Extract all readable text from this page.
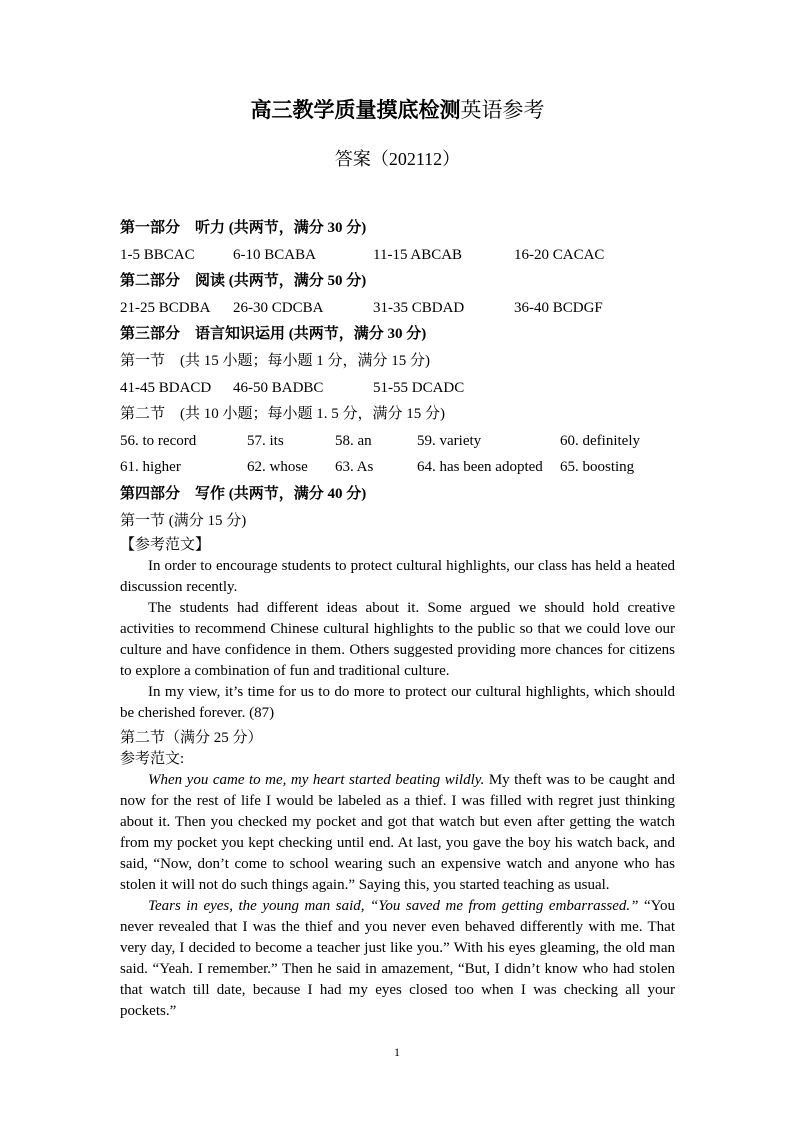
高三教学质量摸底检测英语参考
答案（202112）
第一部分　听力 (共两节，满分 30 分)
1-5 BBCAC	6-10 BCABA	11-15 ABCAB	16-20 CACAC
第二部分　阅读 (共两节，满分 50 分)
21-25 BCDBA	26-30 CDCBA	31-35 CBDAD	36-40 BCDGF
第三部分　语言知识运用 (共两节，满分 30 分)
第一节　(共 15 小题；每小题 1 分，满分 15 分)
41-45 BDACD	46-50 BADBC	51-55 DCADC
第二节　(共 10 小题；每小题 1. 5 分，满分 15 分)
56. to record	57. its	58. an	59. variety	60. definitely
61. higher	62. whose	63. As	64. has been adopted	65. boosting
第四部分　写作 (共两节，满分 40 分)
第一节 (满分 15 分)
【参考范文】

In order to encourage students to protect cultural highlights, our class has held a heated discussion recently.

The students had different ideas about it. Some argued we should hold creative activities to recommend Chinese cultural highlights to the public so that we could love our culture and have confidence in them. Others suggested providing more chances for citizens to explore a combination of fun and traditional culture.

In my view, it’s time for us to do more to protect our cultural highlights, which should be cherished forever. (87)

第二节（满分 25 分）
参考范文:

When you came to me, my heart started beating wildly. My theft was to be caught and now for the rest of life I would be labeled as a thief. I was filled with regret just thinking about it. Then you checked my pocket and got that watch but even after getting the watch from my pocket you kept checking until end. At last, you gave the boy his watch back, and said, “Now, don’t come to school wearing such an expensive watch and anyone who has stolen it will not do such things again.” Saying this, you started teaching as usual.

Tears in eyes, the young man said, “You saved me from getting embarrassed.” “You never revealed that I was the thief and you never even behaved differently with me. That very day, I decided to become a teacher just like you.” With his eyes gleaming, the old man said. “Yeah. I remember.” Then he said in amazement, “But, I didn’t know who had stolen that watch till date, because I had my eyes closed too when I was checking all your pockets.”

1
